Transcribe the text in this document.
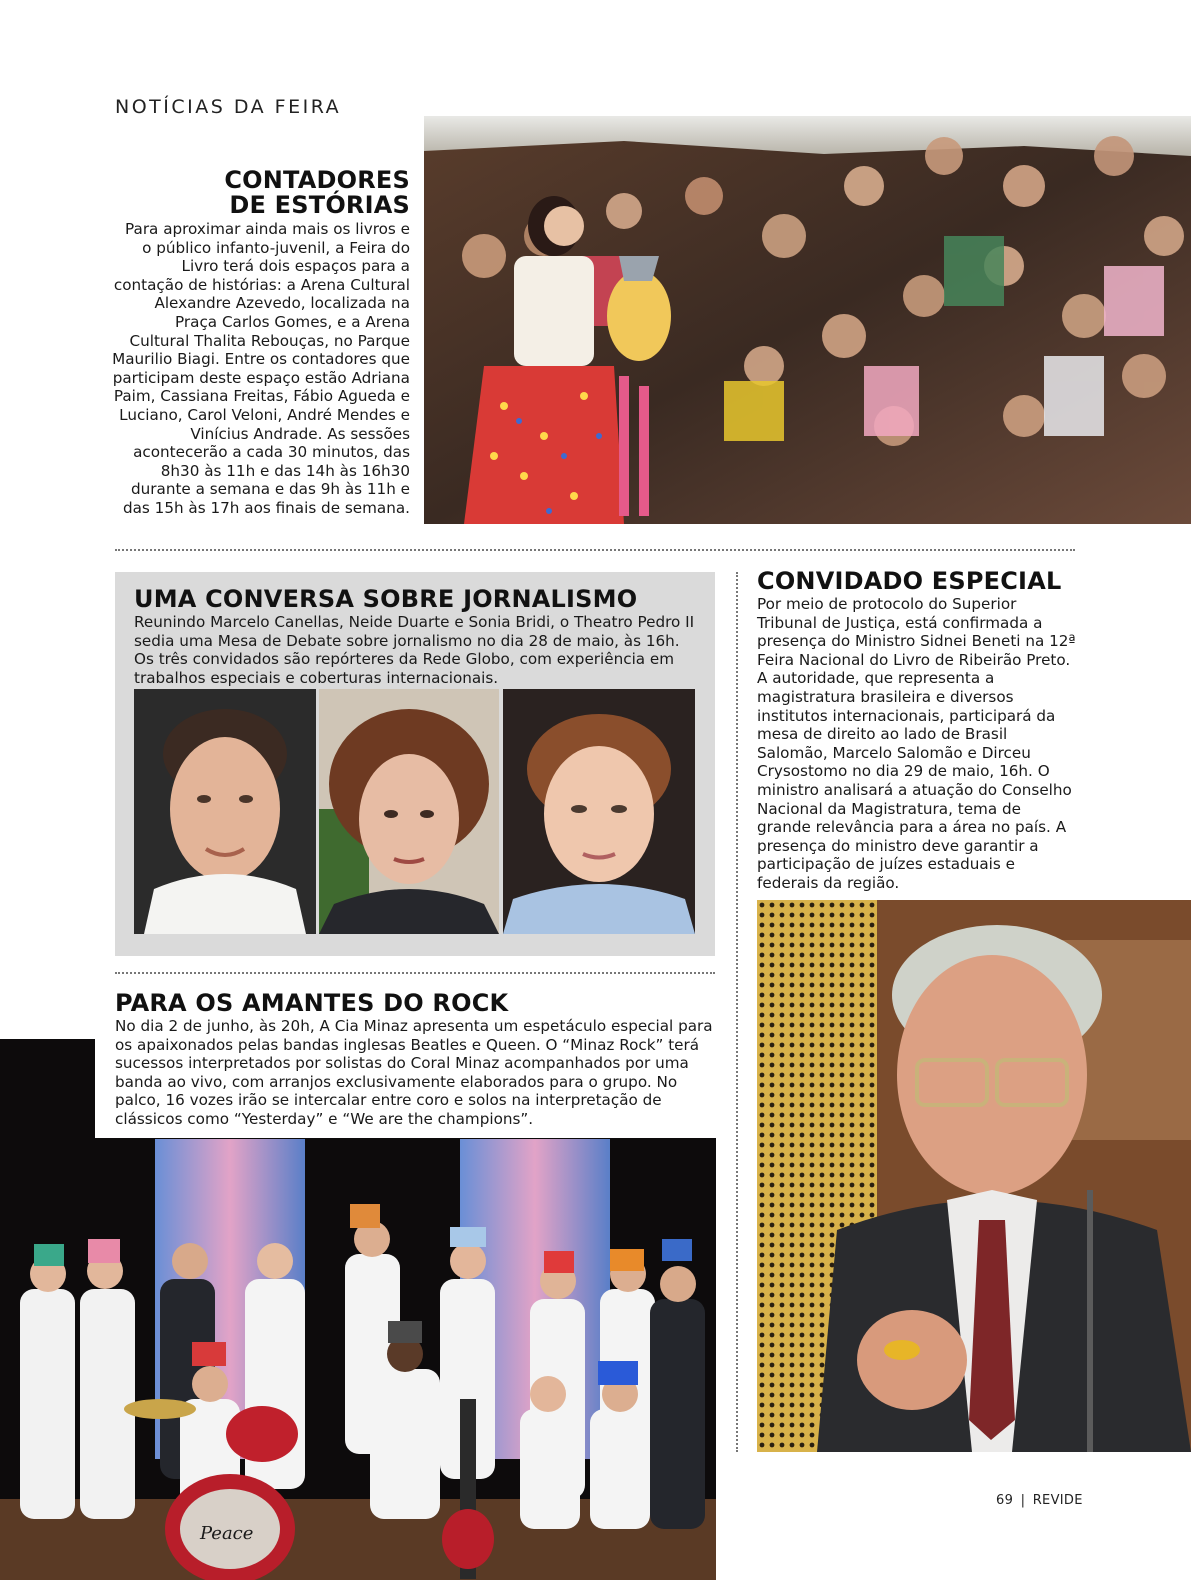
NOTÍCIAS DA FEIRA
CONTADORES
DE ESTÓRIAS

Para aproximar ainda mais os livros e o público infanto-juvenil, a Feira do Livro terá dois espaços para a contação de histórias: a Arena Cultural Alexandre Azevedo, localizada na Praça Carlos Gomes, e a Arena Cultural Thalita Rebouças, no Parque Maurilio Biagi. Entre os contadores que participam deste espaço estão Adriana Paim, Cassiana Freitas, Fábio Agueda e Luciano, Carol Veloni, André Mendes e Vinícius Andrade. As sessões acontecerão a cada 30 minutos, das 8h30 às 11h e das 14h às 16h30 durante a semana e das 9h às 11h e das 15h às 17h aos finais de semana.

UMA CONVERSA SOBRE JORNALISMO

Reunindo Marcelo Canellas, Neide Duarte e Sonia Bridi, o Theatro Pedro II sedia uma Mesa de Debate sobre jornalismo no dia 28 de maio, às 16h. Os três convidados são repórteres da Rede Globo, com experiência em trabalhos especiais e coberturas internacionais.

CONVIDADO ESPECIAL

Por meio de protocolo do Superior Tribunal de Justiça, está confirmada a presença do Ministro Sidnei Beneti na 12ª Feira Nacional do Livro de Ribeirão Preto. A autoridade, que representa a magistratura brasileira e diversos institutos internacionais, participará da mesa de direito ao lado de Brasil Salomão, Marcelo Salomão e Dirceu Crysostomo no dia 29 de maio, 16h. O ministro analisará a atuação do Conselho Nacional da Magistratura, tema de grande relevância para a área no país. A presença do ministro deve garantir a participação de juízes estaduais e federais da região.

Peace
PARA OS AMANTES DO ROCK

No dia 2 de junho, às 20h, A Cia Minaz apresenta um espetáculo especial para os apaixonados pelas bandas inglesas Beatles e Queen. O “Minaz Rock” terá sucessos interpretados por solistas do Coral Minaz acompanhados por uma banda ao vivo, com arranjos exclusivamente elaborados para o grupo. No palco, 16 vozes irão se intercalar entre coro e solos na interpretação de clássicos como “Yesterday” e “We are the champions”.

69 | REVIDE
